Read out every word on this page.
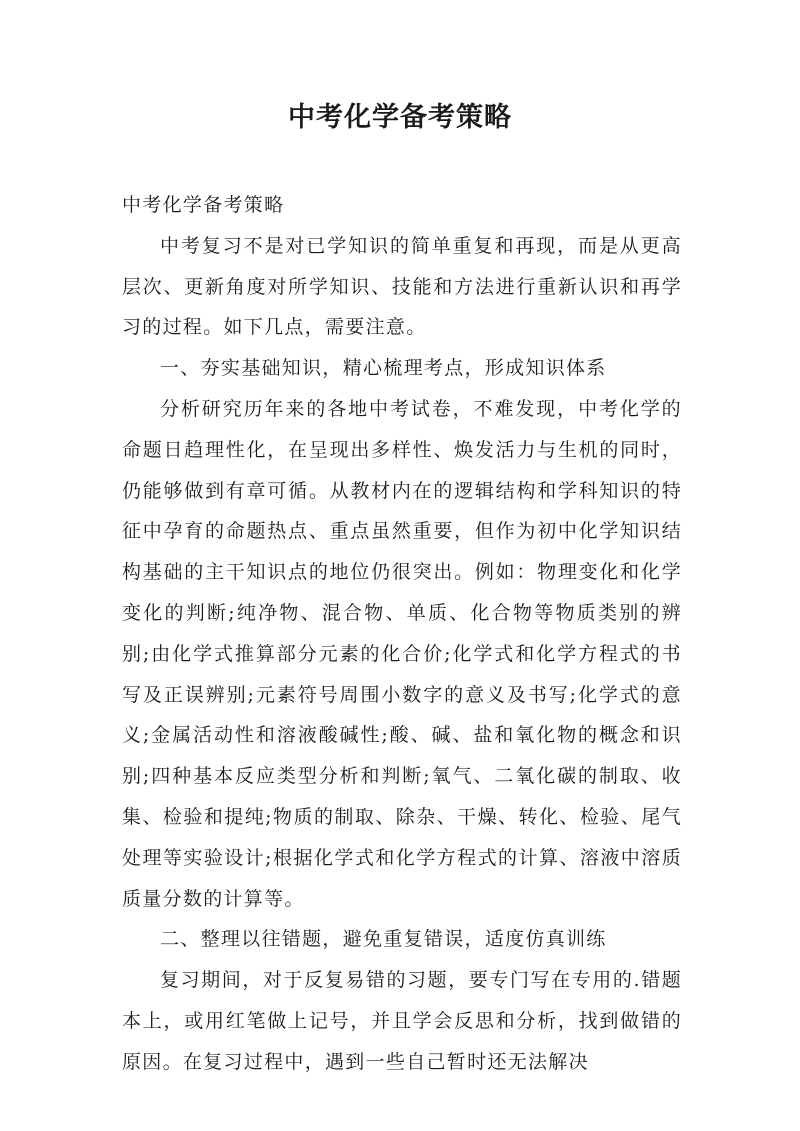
中考化学备考策略

中考化学备考策略

中考复习不是对已学知识的简单重复和再现，而是从更高层次、更新角度对所学知识、技能和方法进行重新认识和再学习的过程。如下几点，需要注意。

一、夯实基础知识，精心梳理考点，形成知识体系

分析研究历年来的各地中考试卷，不难发现，中考化学的命题日趋理性化，在呈现出多样性、焕发活力与生机的同时，仍能够做到有章可循。从教材内在的逻辑结构和学科知识的特征中孕育的命题热点、重点虽然重要，但作为初中化学知识结构基础的主干知识点的地位仍很突出。例如：物理变化和化学变化的判断;纯净物、混合物、单质、化合物等物质类别的辨别;由化学式推算部分元素的化合价;化学式和化学方程式的书写及正误辨别;元素符号周围小数字的意义及书写;化学式的意义;金属活动性和溶液酸碱性;酸、碱、盐和氧化物的概念和识别;四种基本反应类型分析和判断;氧气、二氧化碳的制取、收集、检验和提纯;物质的制取、除杂、干燥、转化、检验、尾气处理等实验设计;根据化学式和化学方程式的计算、溶液中溶质质量分数的计算等。

二、整理以往错题，避免重复错误，适度仿真训练

复习期间，对于反复易错的习题，要专门写在专用的.错题本上，或用红笔做上记号，并且学会反思和分析，找到做错的原因。在复习过程中，遇到一些自己暂时还无法解决
